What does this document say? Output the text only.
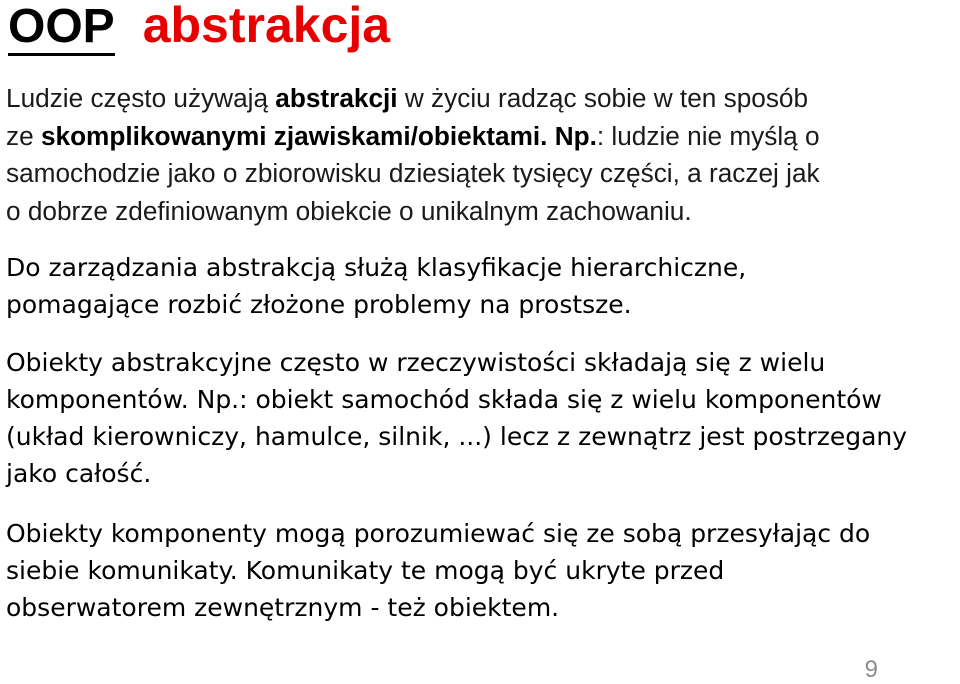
OOP abstrakcja

Ludzie często używają abstrakcji w życiu radząc sobie w ten sposób
ze skomplikowanymi zjawiskami/obiektami. Np.: ludzie nie myślą o
samochodzie jako o zbiorowisku dziesiątek tysięcy części, a raczej jak
o dobrze zdefiniowanym obiekcie o unikalnym zachowaniu.

Do zarządzania abstrakcją służą klasyfikacje hierarchiczne,
pomagające rozbić złożone problemy na prostsze.

Obiekty abstrakcyjne często w rzeczywistości składają się z wielu
komponentów. Np.: obiekt samochód składa się z wielu komponentów
(układ kierowniczy, hamulce, silnik, ...) lecz z zewnątrz jest postrzegany
jako całość.

Obiekty komponenty mogą porozumiewać się ze sobą przesyłając do
siebie komunikaty. Komunikaty te mogą być ukryte przed
obserwatorem zewnętrznym - też obiektem.

9
